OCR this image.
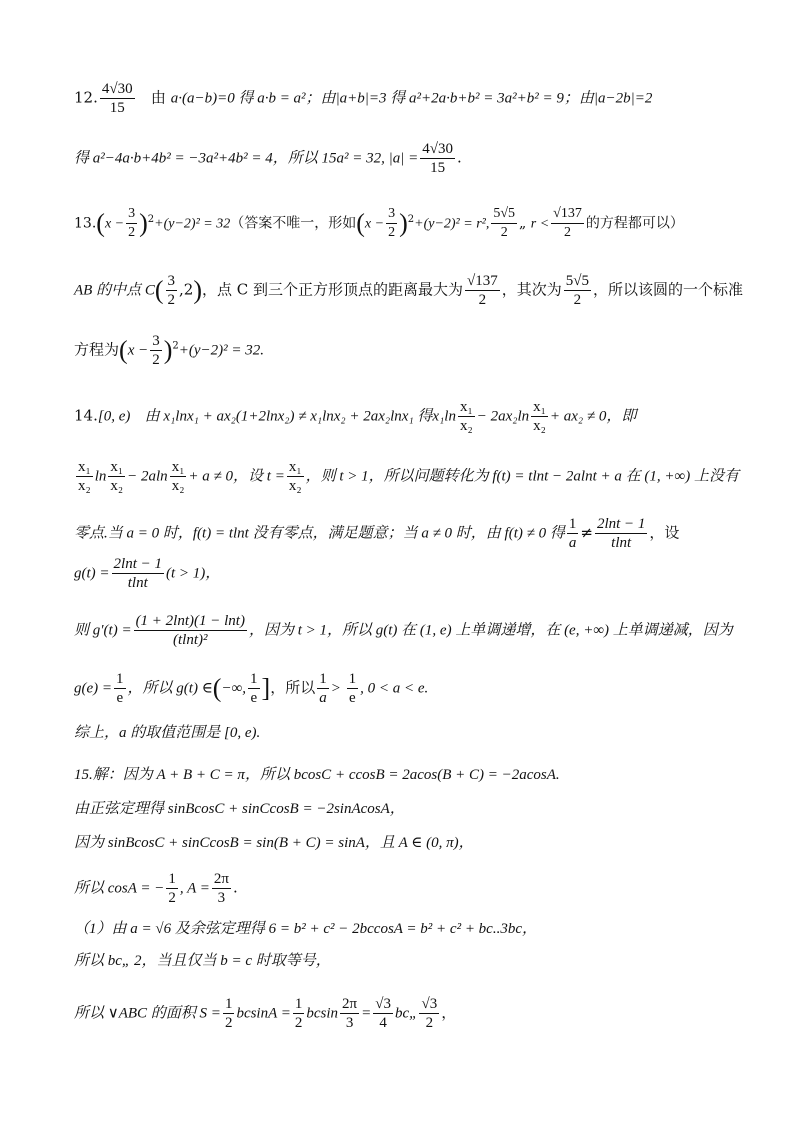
12. $\frac{4√30}{15}$ 由 a·(a−b)=0 得 a·b = a²；由|a+b|=3 得 a²+2a·b+b² = 3a²+b² = 9；由|a−2b|=2
得 a²−4a·b+4b² = −3a²+4b² = 4，所以 15a² = 32, $|a| = \frac{4√30}{15}$ .
$13.(x - \frac{3}{2} )^2+(y-2)^2 = 32$（答案不唯一，形如$(x - \frac{3}{2} )^2+(y-2)^2 = r^2$, $\frac{5√5}{2}$ „ $r < \frac{√137}{2}$ 的方程都可以）
AB 的中点 $C( \frac{3}{2} ,2)$，点 C 到三个正方形顶点的距离最大为 $\frac{√137}{2}$ ，其次为 $\frac{5√5}{2}$ ，所以该圆的一个标准
方程为$(x - \frac{3}{2} )^2+(y-2)^2 = 32$.
14.[0, e) 由 x₁lnx₁ + ax₂(1+2lnx₂) ≠ x₁lnx₂ + 2ax₂lnx₁ 得$x_1\ln \frac{\text{x₁}}{\text{x₂}} - 2ax_2\ln \frac{\text{x₁}}{\text{x₂}} + ax_2 \ne 0$，即
$\frac{\text{x₁}}{\text{x₂}}$ $\ln \frac{\text{x₁}}{\text{x₂}} - 2aln \frac{\text{x₁}}{\text{x₂}} + a \ne 0$，设 $t = \frac{\text{x₁}}{\text{x₂}}$ ，则 t > 1，所以问题转化为 f(t) = tlnt − 2alnt + a 在 (1, +∞) 上没有
零点.当 a = 0 时，f(t) = tlnt 没有零点，满足题意；当 a ≠ 0 时，由 f(t) ≠ 0 得 $\frac{1}{a} \ne \frac{2\ln t - 1}{tlnt}$ ，设
$g(t) = \frac{2\ln t - 1}{tlnt} (t > 1)$，
则 $g'(t) = \frac{(1 + 2\ln t)(1 - \ln t)}{\text{(tlnt)²}}$ ，因为 t > 1，所以 g(t) 在 (1, e) 上单调递增，在 (e, +∞) 上单调递减，因为
$g(e) = \frac{1}{e}$ ，所以 g(t) ∈(−∞, $\frac{1}{e}$ ]，所以 $\frac{1}{a} > \frac{1}{e}$ , 0 < a < e.
综上，a 的取值范围是 [0, e).
15.解：因为 A + B + C = π，所以 bcosC + ccosB = 2acos(B + C) = −2acosA.
由正弦定理得 sinBcosC + sinCcosB = −2sinAcosA，
因为 sinBcosC + sinCcosB = sin(B + C) = sinA，且 A ∈ (0, π)，
所以 cosA = − $\frac{1}{2}$ , $A = \frac{2\pi}{3}$ .
（1）由 a = √6 及余弦定理得 6 = b² + c² − 2bccosA = b² + c² + bc..3bc，
所以 bc„ 2，当且仅当 b = c 时取等号，
所以 ∨ABC 的面积 $S = \frac{1}{2}$ $bcsinA = \frac{1}{2}$ bcsin $\frac{2\pi}{3} = \frac{√3}{4}$ bc„ $\frac{√3}{2}$ ，
